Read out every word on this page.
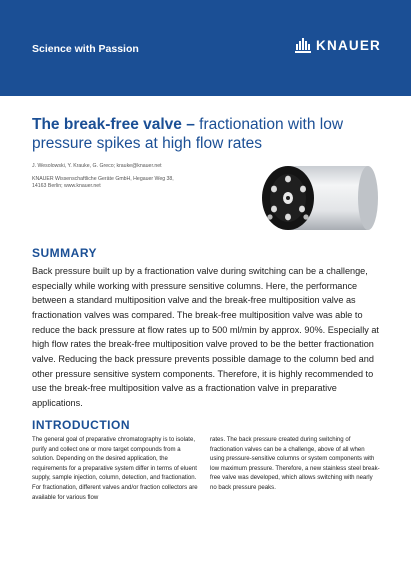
Science with Passion	KNAUER
The break-free valve – fractionation with low pressure spikes at high flow rates
J. Wesolowski, Y. Krauke, G. Greco; krauke@knauer.net
KNAUER Wissenschaftliche Geräte GmbH, Hegauer Weg 38,
14163 Berlin; www.knauer.net
SUMMARY
Back pressure built up by a fractionation valve during switching can be a challenge, especially while working with pressure sensitive columns. Here, the performance between a standard multiposition valve and the break-free multiposition valve as fractionation valves was compared. The break-free multiposition valve was able to reduce the back pressure at flow rates up to 500 ml/min by approx. 90%. Especially at high flow rates the break-free multiposition valve proved to be the better fractionation valve. Reducing the back pressure prevents possible damage to the column bed and other pressure sensitive system components. Therefore, it is highly recommended to use the break-free multiposition valve as a fractionation valve in preparative applications.
INTRODUCTION
The general goal of preparative chromatography is to isolate, purify and collect one or more target compounds from a solution. Depending on the desired application, the requirements for a preparative system differ in terms of eluent supply, sample injection, column, detection, and fractionation. For fractionation, different valves and/or fraction collectors are available for various flow
rates. The back pressure created during switching of fractionation valves can be a challenge, above of all when using pressure-sensitive columns or system components with low maximum pressure. Therefore, a new stainless steel break-free valve was developed, which allows switching with nearly no back pressure peaks.
